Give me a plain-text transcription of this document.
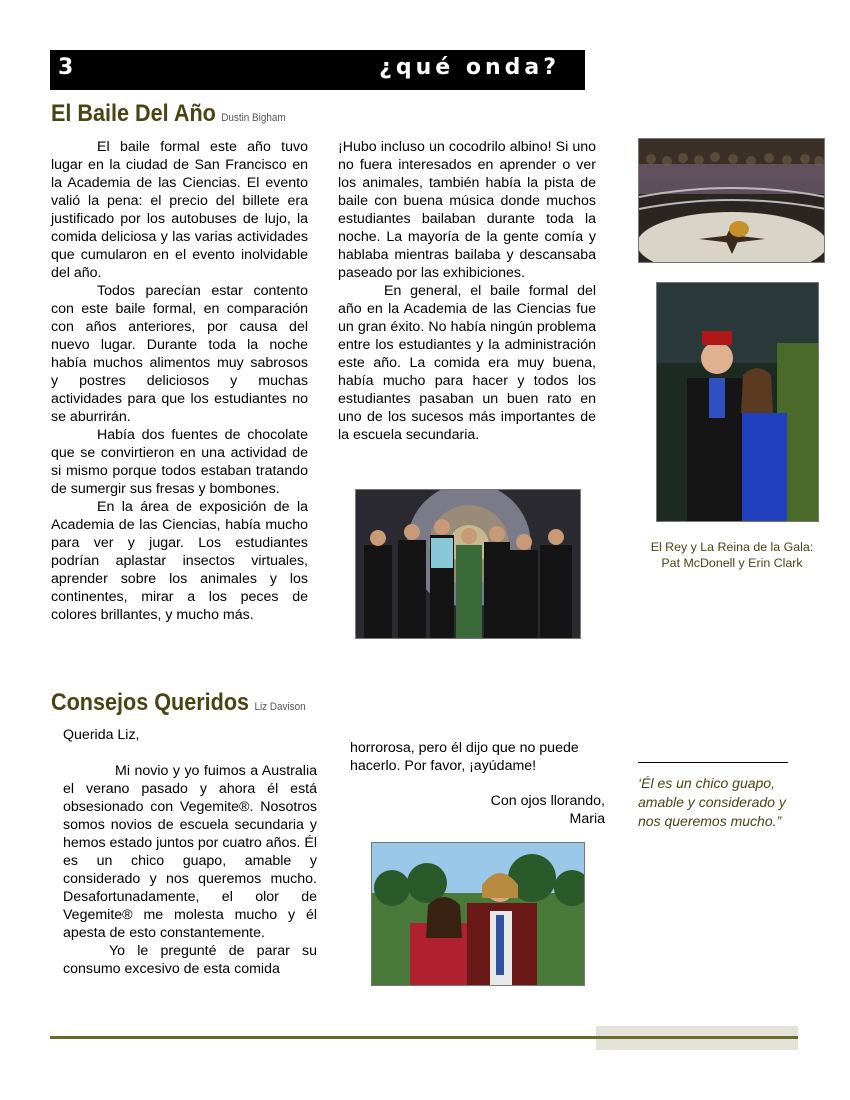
3	¿qué onda?
El Baile Del Año Dustin Bigham

El baile formal este año tuvo lugar en la ciudad de San Francisco en la Academia de las Ciencias. El evento valió la pena: el precio del billete era justificado por los autobuses de lujo, la comida deliciosa y las varias actividades que cumularon en el evento inolvidable del año.

Todos parecían estar contento con este baile formal, en comparación con años anteriores, por causa del nuevo lugar. Durante toda la noche había muchos alimentos muy sabrosos y postres deliciosos y muchas actividades para que los estudiantes no se aburrirán.

Había dos fuentes de chocolate que se convirtieron en una actividad de si mismo porque todos estaban tratando de sumergir sus fresas y bombones.

En la área de exposición de la Academia de las Ciencias, había mucho para ver y jugar. Los estudiantes podrían aplastar insectos virtuales, aprender sobre los animales y los continentes, mirar a los peces de colores brillantes, y mucho más.

¡Hubo incluso un cocodrilo albino! Si uno no fuera interesados en aprender o ver los animales, también había la pista de baile con buena música donde muchos estudiantes bailaban durante toda la noche. La mayoría de la gente comía y hablaba mientras bailaba y descansaba paseado por las exhibiciones.

En general, el baile formal del año en la Academia de las Ciencias fue un gran éxito. No había ningún problema entre los estudiantes y la administración este año. La comida era muy buena, había mucho para hacer y todos los estudiantes pasaban un buen rato en uno de los sucesos más importantes de la escuela secundaria.

El Rey y La Reina de la Gala:
Pat McDonell y Erin Clark
Consejos Queridos Liz Davison

Querida Liz,

Mi novio y yo fuimos a Australia el verano pasado y ahora él está obsesionado con Vegemite®. Nosotros somos novios de escuela secundaria y hemos estado juntos por cuatro años. Él es un chico guapo, amable y considerado y nos queremos mucho. Desafortunadamente, el olor de Vegemite® me molesta mucho y él apesta de esto constantemente.

Yo le pregunté de parar su consumo excesivo de esta comida

horrorosa, pero él dijo que no puede hacerlo. Por favor, ¡ayúdame!

Con ojos llorando,

Maria

‘Él es un chico guapo, amable y considerado y nos queremos mucho.”
